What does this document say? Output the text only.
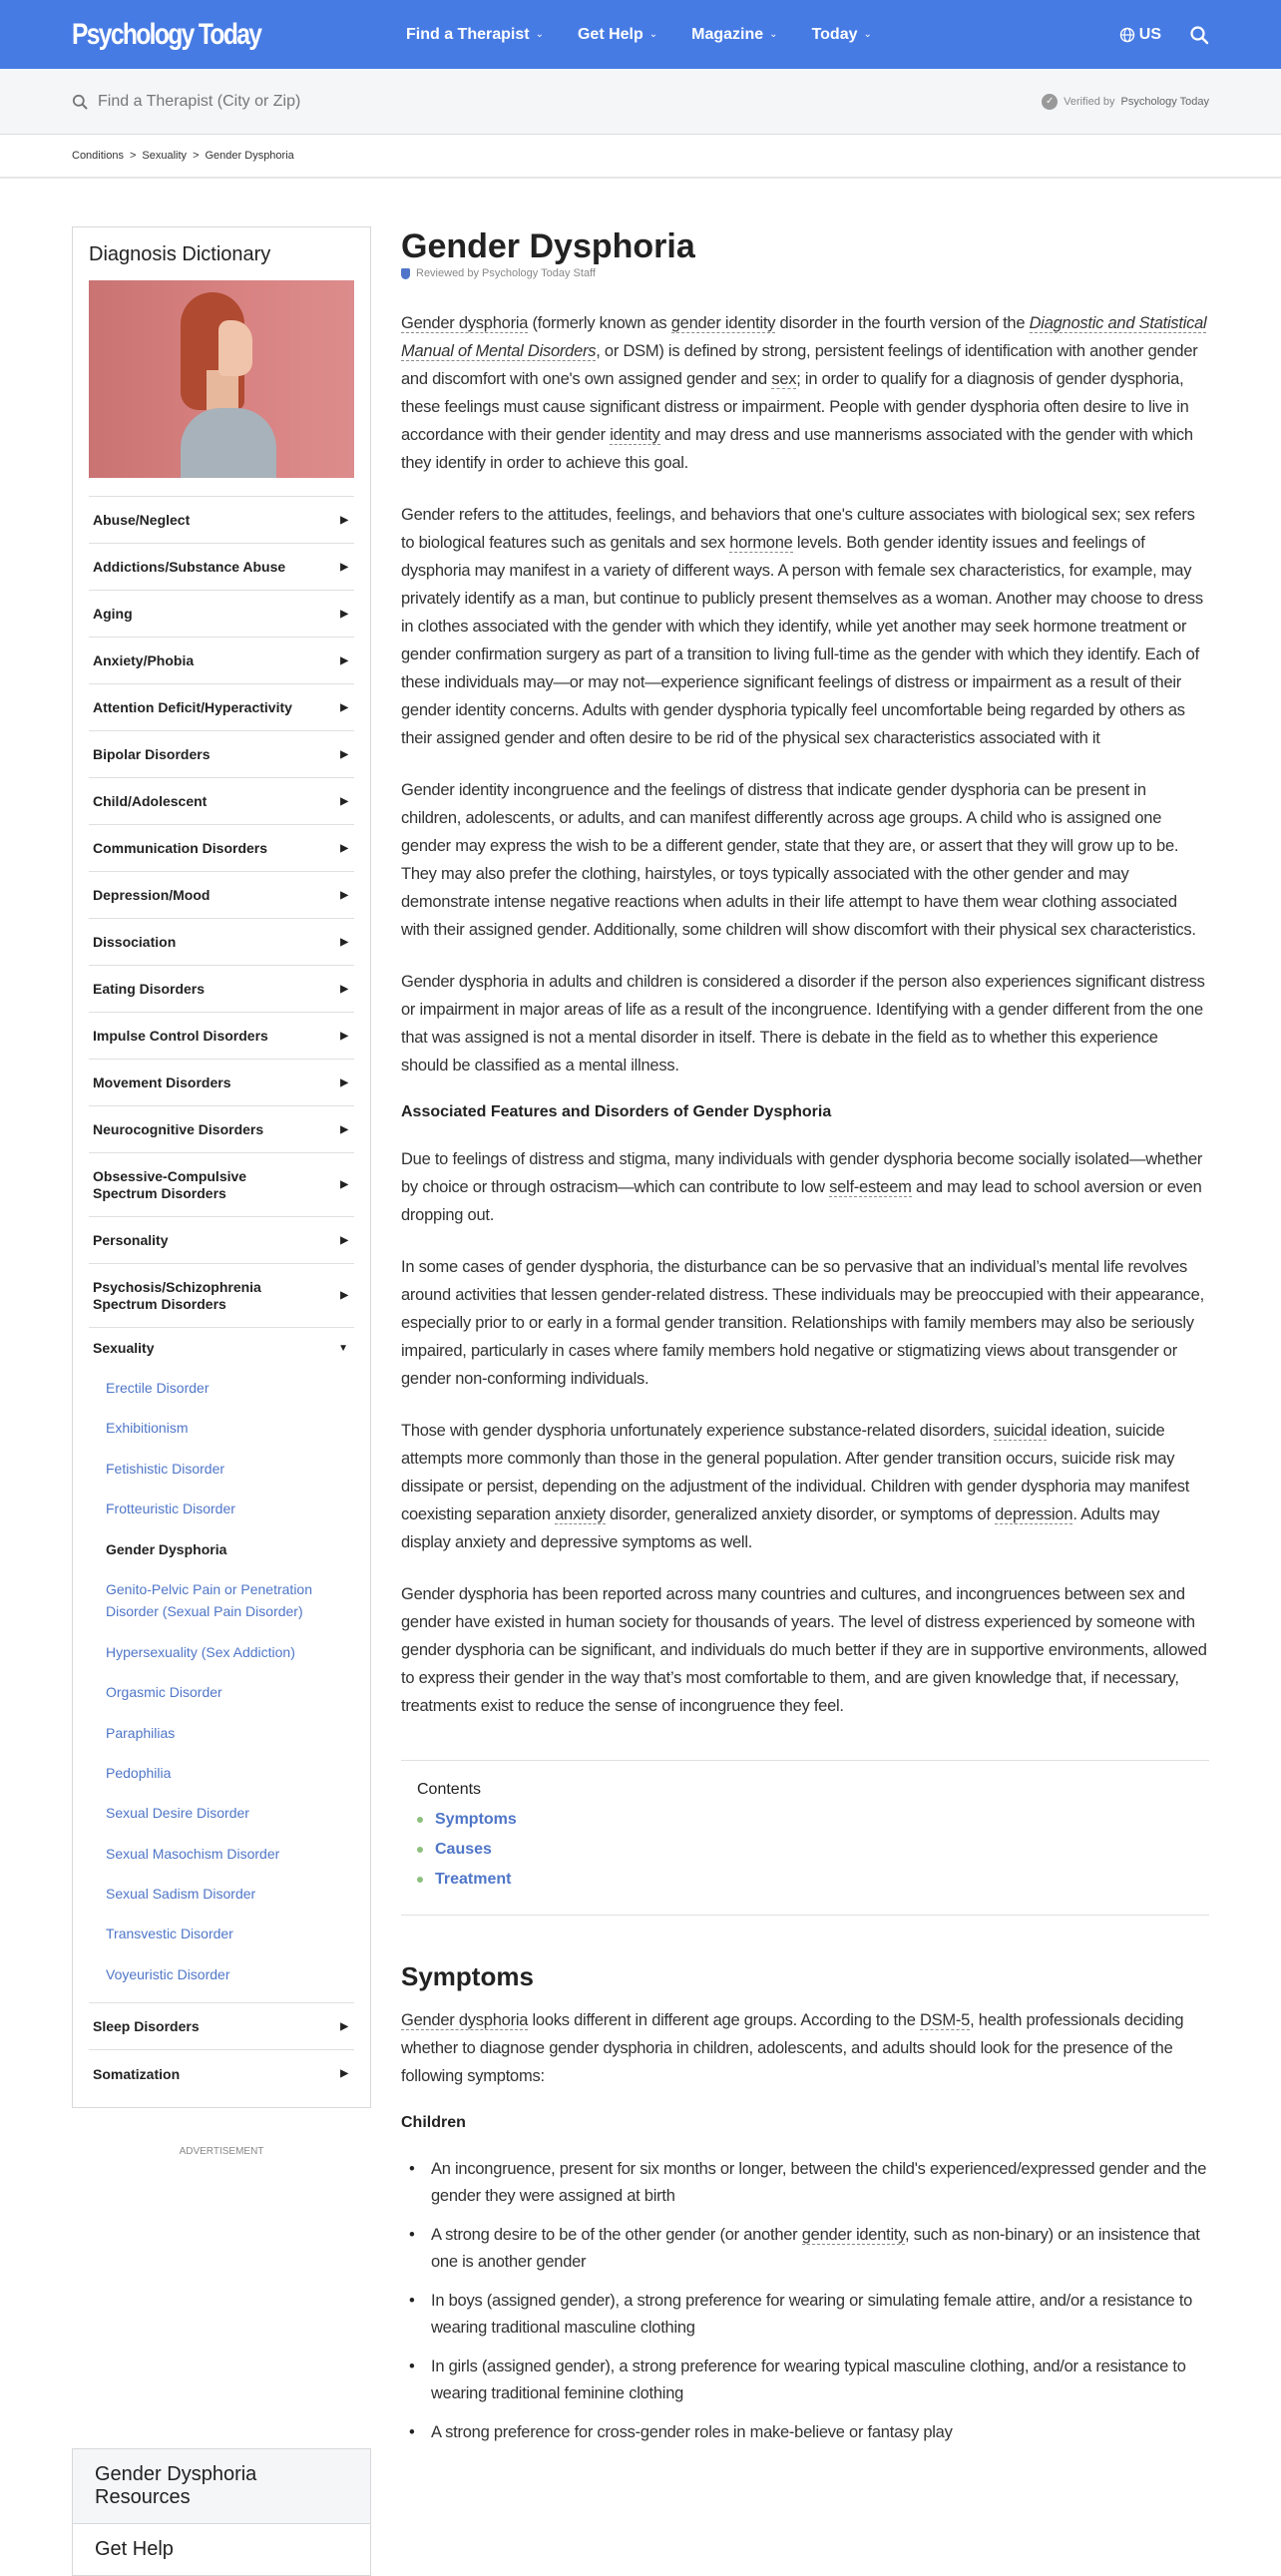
Psychology Today	Find a Therapist ⌄ Get Help ⌄ Magazine ⌄ Today ⌄	US
Find a Therapist (City or Zip)	✓ Verified by Psychology Today
Conditions > Sexuality > Gender Dysphoria
Diagnosis Dictionary
Abuse/Neglect	▶
Addictions/Substance Abuse	▶
Aging	▶
Anxiety/Phobia	▶
Attention Deficit/Hyperactivity	▶
Bipolar Disorders	▶
Child/Adolescent	▶
Communication Disorders	▶
Depression/Mood	▶
Dissociation	▶
Eating Disorders	▶
Impulse Control Disorders	▶
Movement Disorders	▶
Neurocognitive Disorders	▶
Obsessive-Compulsive Spectrum Disorders
▶
Personality	▶
Psychosis/Schizophrenia Spectrum Disorders
▶
Sexuality	▼
Erectile Disorder
Exhibitionism
Fetishistic Disorder
Frotteuristic Disorder
Gender Dysphoria
Genito-Pelvic Pain or Penetration Disorder (Sexual Pain Disorder)
Hypersexuality (Sex Addiction)
Orgasmic Disorder
Paraphilias
Pedophilia
Sexual Desire Disorder
Sexual Masochism Disorder
Sexual Sadism Disorder
Transvestic Disorder
Voyeuristic Disorder
Sleep Disorders	▶
Somatization	▶
ADVERTISEMENT
Gender Dysphoria Resources
Get Help
Gender Dysphoria
Reviewed by Psychology Today Staff

Gender dysphoria (formerly known as gender identity disorder in the fourth version of the Diagnostic and Statistical Manual of Mental Disorders, or DSM) is defined by strong, persistent feelings of identification with another gender and discomfort with one's own assigned gender and sex; in order to qualify for a diagnosis of gender dysphoria, these feelings must cause significant distress or impairment. People with gender dysphoria often desire to live in accordance with their gender identity and may dress and use mannerisms associated with the gender with which they identify in order to achieve this goal.

Gender refers to the attitudes, feelings, and behaviors that one's culture associates with biological sex; sex refers to biological features such as genitals and sex hormone levels. Both gender identity issues and feelings of dysphoria may manifest in a variety of different ways. A person with female sex characteristics, for example, may privately identify as a man, but continue to publicly present themselves as a woman. Another may choose to dress in clothes associated with the gender with which they identify, while yet another may seek hormone treatment or gender confirmation surgery as part of a transition to living full-time as the gender with which they identify. Each of these individuals may—or may not—experience significant feelings of distress or impairment as a result of their gender identity concerns. Adults with gender dysphoria typically feel uncomfortable being regarded by others as their assigned gender and often desire to be rid of the physical sex characteristics associated with it

Gender identity incongruence and the feelings of distress that indicate gender dysphoria can be present in children, adolescents, or adults, and can manifest differently across age groups. A child who is assigned one gender may express the wish to be a different gender, state that they are, or assert that they will grow up to be. They may also prefer the clothing, hairstyles, or toys typically associated with the other gender and may demonstrate intense negative reactions when adults in their life attempt to have them wear clothing associated with their assigned gender. Additionally, some children will show discomfort with their physical sex characteristics.

Gender dysphoria in adults and children is considered a disorder if the person also experiences significant distress or impairment in major areas of life as a result of the incongruence. Identifying with a gender different from the one that was assigned is not a mental disorder in itself. There is debate in the field as to whether this experience should be classified as a mental illness.

Associated Features and Disorders of Gender Dysphoria

Due to feelings of distress and stigma, many individuals with gender dysphoria become socially isolated—whether by choice or through ostracism—which can contribute to low self-esteem and may lead to school aversion or even dropping out.

In some cases of gender dysphoria, the disturbance can be so pervasive that an individual’s mental life revolves around activities that lessen gender-related distress. These individuals may be preoccupied with their appearance, especially prior to or early in a formal gender transition. Relationships with family members may also be seriously impaired, particularly in cases where family members hold negative or stigmatizing views about transgender or gender non-conforming individuals.

Those with gender dysphoria unfortunately experience substance-related disorders, suicidal ideation, suicide attempts more commonly than those in the general population. After gender transition occurs, suicide risk may dissipate or persist, depending on the adjustment of the individual. Children with gender dysphoria may manifest coexisting separation anxiety disorder, generalized anxiety disorder, or symptoms of depression. Adults may display anxiety and depressive symptoms as well.

Gender dysphoria has been reported across many countries and cultures, and incongruences between sex and gender have existed in human society for thousands of years. The level of distress experienced by someone with gender dysphoria can be significant, and individuals do much better if they are in supportive environments, allowed to express their gender in the way that’s most comfortable to them, and are given knowledge that, if necessary, treatments exist to reduce the sense of incongruence they feel.

Contents
Symptoms
Causes
Treatment
Symptoms

Gender dysphoria looks different in different age groups. According to the DSM-5, health professionals deciding whether to diagnose gender dysphoria in children, adolescents, and adults should look for the presence of the following symptoms:

Children
• An incongruence, present for six months or longer, between the child's experienced/expressed gender and the gender they were assigned at birth
• A strong desire to be of the other gender (or another gender identity, such as non-binary) or an insistence that one is another gender
• In boys (assigned gender), a strong preference for wearing or simulating female attire, and/or a resistance to wearing traditional masculine clothing
• In girls (assigned gender), a strong preference for wearing typical masculine clothing, and/or a resistance to wearing traditional feminine clothing
• A strong preference for cross-gender roles in make-believe or fantasy play
